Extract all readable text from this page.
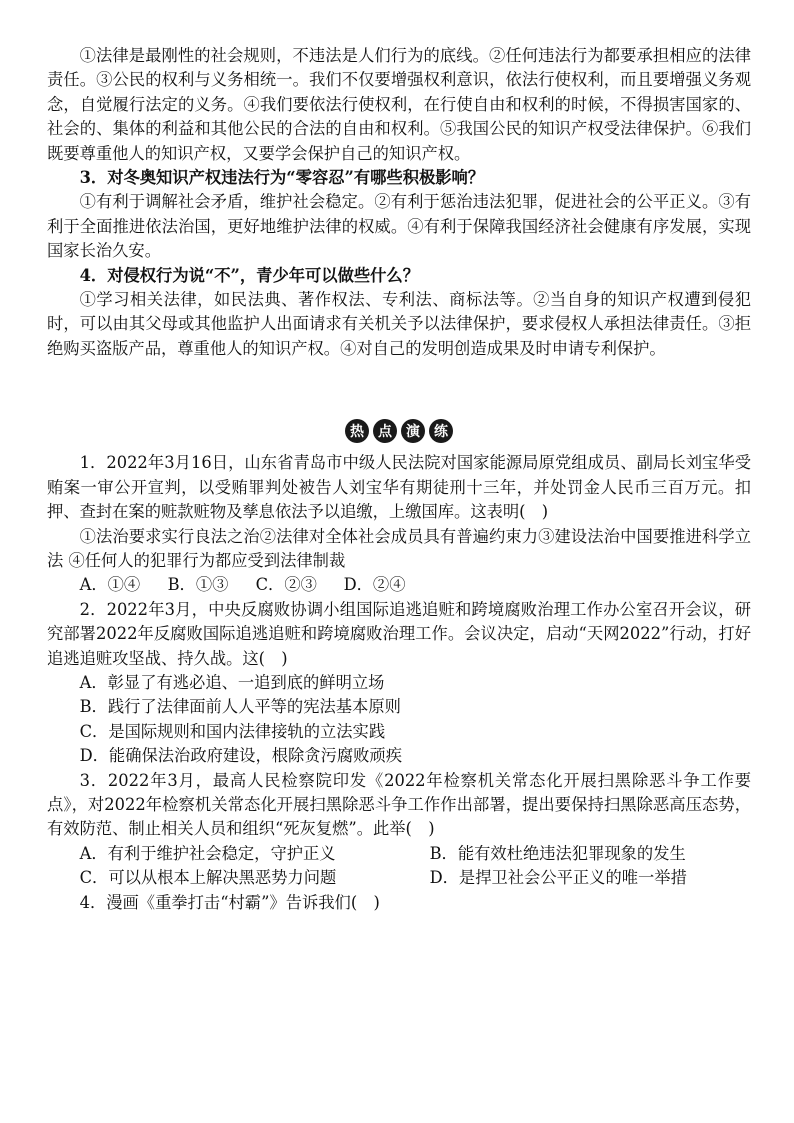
①法律是最刚性的社会规则，不违法是人们行为的底线。②任何违法行为都要承担相应的法律责任。③公民的权利与义务相统一。我们不仅要增强权利意识，依法行使权利，而且要增强义务观念，自觉履行法定的义务。④我们要依法行使权利，在行使自由和权利的时候，不得损害国家的、社会的、集体的利益和其他公民的合法的自由和权利。⑤我国公民的知识产权受法律保护。⑥我们既要尊重他人的知识产权，又要学会保护自己的知识产权。

3．对冬奥知识产权违法行为“零容忍”有哪些积极影响？

①有利于调解社会矛盾，维护社会稳定。②有利于惩治违法犯罪，促进社会的公平正义。③有利于全面推进依法治国，更好地维护法律的权威。④有利于保障我国经济社会健康有序发展，实现国家长治久安。

4．对侵权行为说“不”，青少年可以做些什么？

①学习相关法律，如民法典、著作权法、专利法、商标法等。②当自身的知识产权遭到侵犯时，可以由其父母或其他监护人出面请求有关机关予以法律保护，要求侵权人承担法律责任。③拒绝购买盗版产品，尊重他人的知识产权。④对自己的发明创造成果及时申请专利保护。

热	点	演	练

1．2022年3月16日，山东省青岛市中级人民法院对国家能源局原党组成员、副局长刘宝华受贿案一审公开宣判，以受贿罪判处被告人刘宝华有期徒刑十三年，并处罚金人民币三百万元。扣押、查封在案的赃款赃物及孳息依法予以追缴，上缴国库。这表明(　)

①法治要求实行良法之治②法律对全体社会成员具有普遍约束力③建设法治中国要推进科学立法 ④任何人的犯罪行为都应受到法律制裁

A．①④	B．①③	C．②③	D．②④

2．2022年3月，中央反腐败协调小组国际追逃追赃和跨境腐败治理工作办公室召开会议，研究部署2022年反腐败国际追逃追赃和跨境腐败治理工作。会议决定，启动“天网2022”行动，打好追逃追赃攻坚战、持久战。这(　)

A．彰显了有逃必追、一追到底的鲜明立场

B．践行了法律面前人人平等的宪法基本原则

C．是国际规则和国内法律接轨的立法实践

D．能确保法治政府建设，根除贪污腐败顽疾

3．2022年3月，最高人民检察院印发《2022年检察机关常态化开展扫黑除恶斗争工作要点》，对2022年检察机关常态化开展扫黑除恶斗争工作作出部署，提出要保持扫黑除恶高压态势，有效防范、制止相关人员和组织“死灰复燃”。此举(　)

A．有利于维护社会稳定，守护正义	B．能有效杜绝违法犯罪现象的发生
C．可以从根本上解决黑恶势力问题	D．是捍卫社会公平正义的唯一举措

4．漫画《重拳打击“村霸”》告诉我们(　)
